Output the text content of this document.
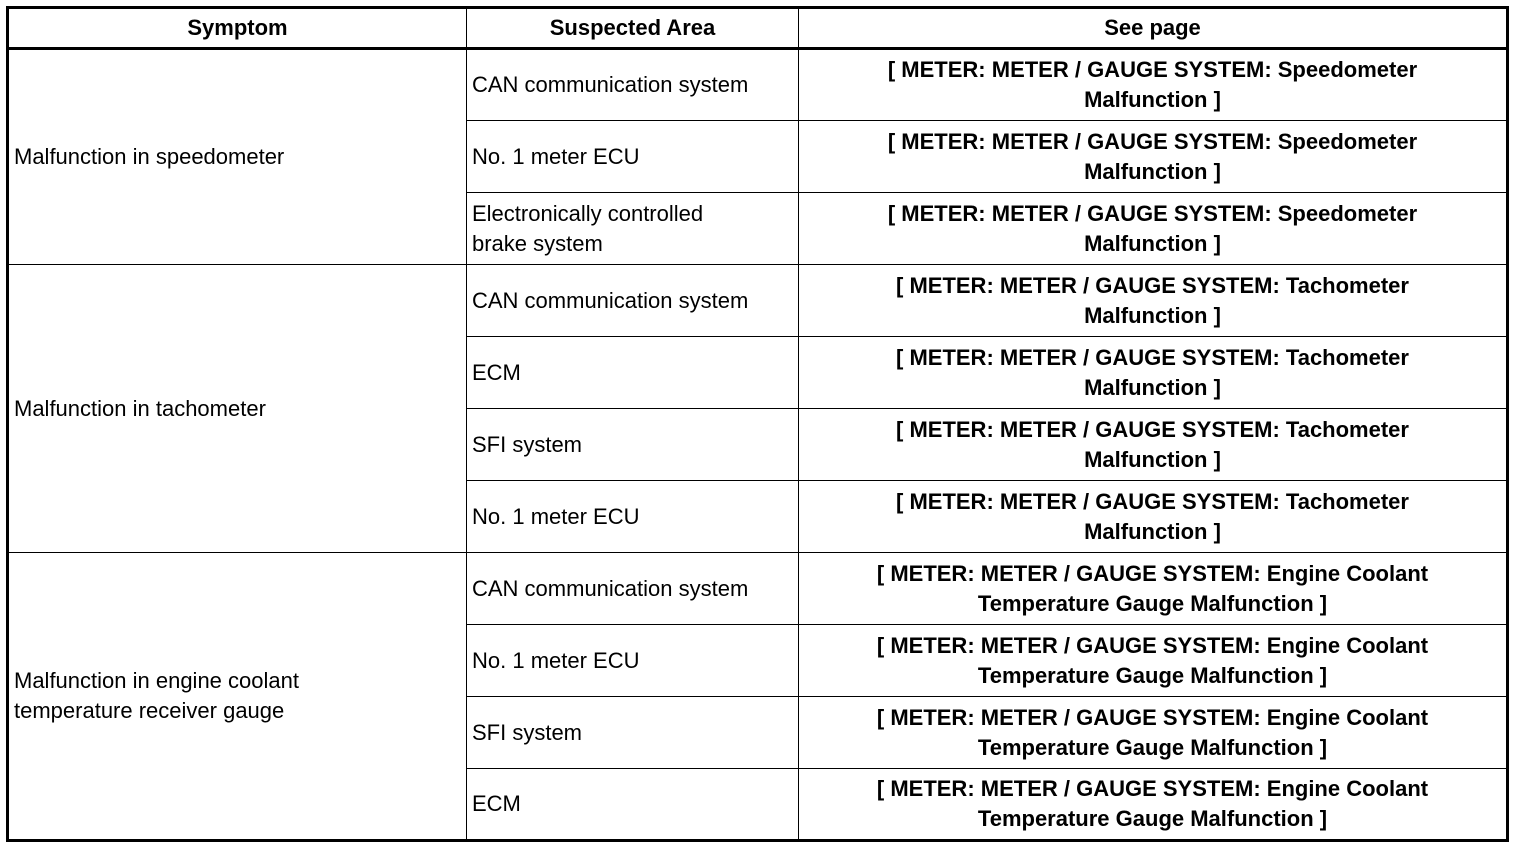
Symptom	Suspected Area	See page
Malfunction in speedometer	CAN communication system	[ METER: METER / GAUGE SYSTEM: Speedometer Malfunction ]
	No. 1 meter ECU	[ METER: METER / GAUGE SYSTEM: Speedometer Malfunction ]
	Electronically controlled brake system	[ METER: METER / GAUGE SYSTEM: Speedometer Malfunction ]
Malfunction in tachometer	CAN communication system	[ METER: METER / GAUGE SYSTEM: Tachometer Malfunction ]
	ECM	[ METER: METER / GAUGE SYSTEM: Tachometer Malfunction ]
	SFI system	[ METER: METER / GAUGE SYSTEM: Tachometer Malfunction ]
	No. 1 meter ECU	[ METER: METER / GAUGE SYSTEM: Tachometer Malfunction ]
Malfunction in engine coolant temperature receiver gauge	CAN communication system	[ METER: METER / GAUGE SYSTEM: Engine Coolant Temperature Gauge Malfunction ]
	No. 1 meter ECU	[ METER: METER / GAUGE SYSTEM: Engine Coolant Temperature Gauge Malfunction ]
	SFI system	[ METER: METER / GAUGE SYSTEM: Engine Coolant Temperature Gauge Malfunction ]
	ECM	[ METER: METER / GAUGE SYSTEM: Engine Coolant Temperature Gauge Malfunction ]
